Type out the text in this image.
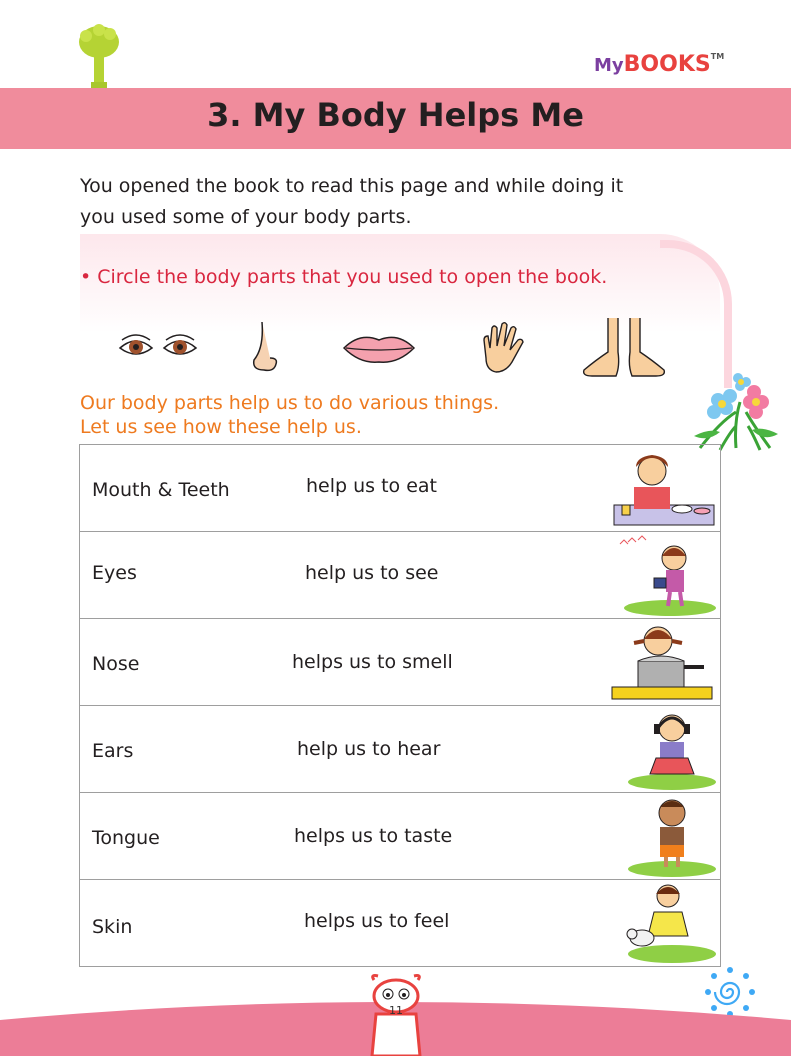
MyBOOKS™
3. My Body Helps Me
You opened the book to read this page and while doing it
you used some of your body parts.
• Circle the body parts that you used to open the book.
Our body parts help us to do various things.
Let us see how these help us.
Mouth & Teeth	help us to eat
Eyes	help us to see
Nose	helps us to smell
Ears	help us to hear
Tongue	helps us to taste
Skin	helps us to feel
11
